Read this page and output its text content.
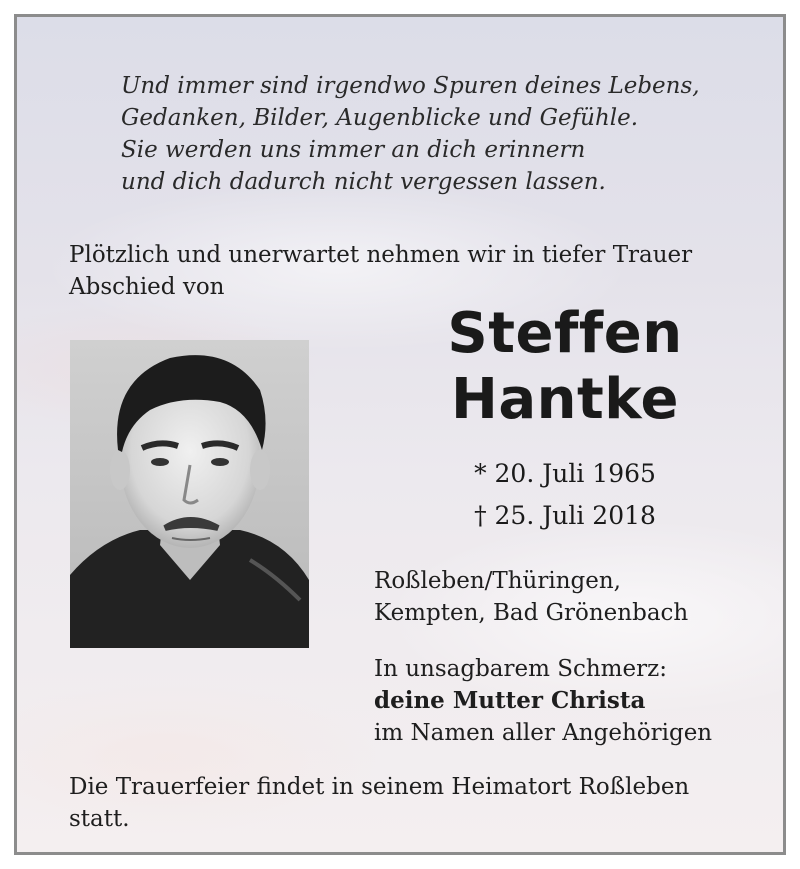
Und immer sind irgendwo Spuren deines Lebens,
Gedanken, Bilder, Augenblicke und Gefühle.
Sie werden uns immer an dich erinnern
und dich dadurch nicht vergessen lassen.
Plötzlich und unerwartet nehmen wir in tiefer Trauer
Abschied von
Steffen
Hantke
* 20. Juli 1965
† 25. Juli 2018
Roßleben/Thüringen,
Kempten, Bad Grönenbach
In unsagbarem Schmerz:
deine Mutter Christa
im Namen aller Angehörigen
Die Trauerfeier findet in seinem Heimatort Roßleben
statt.
